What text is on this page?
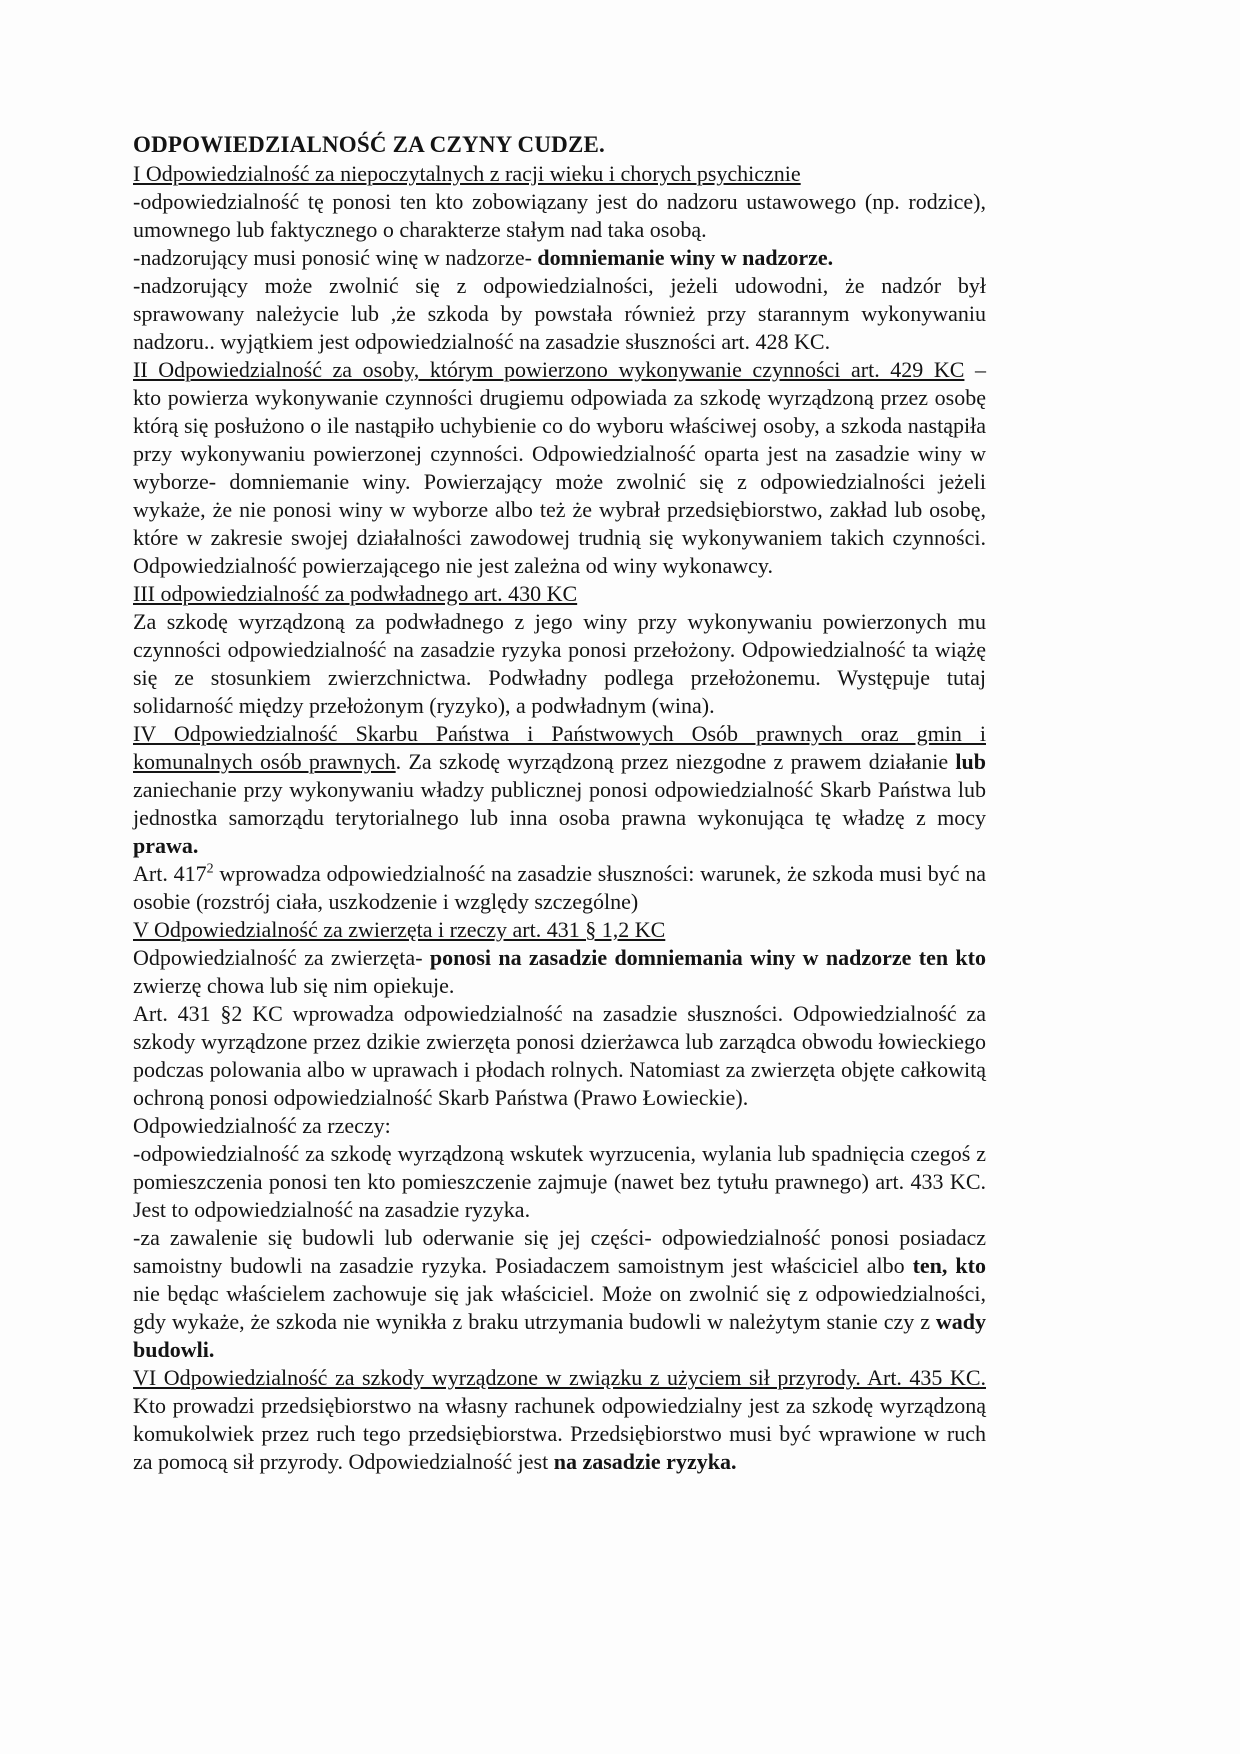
ODPOWIEDZIALNOŚĆ ZA CZYNY CUDZE.

I Odpowiedzialność za niepoczytalnych z racji wieku i chorych psychicznie

-odpowiedzialność tę ponosi ten kto zobowiązany jest do nadzoru ustawowego (np. rodzice), umownego lub faktycznego o charakterze stałym nad taka osobą.

-nadzorujący musi ponosić winę w nadzorze- domniemanie winy w nadzorze.

-nadzorujący może zwolnić się z odpowiedzialności, jeżeli udowodni, że nadzór był sprawowany należycie lub ,że szkoda by powstała również przy starannym wykonywaniu nadzoru.. wyjątkiem jest odpowiedzialność na zasadzie słuszności art. 428 KC.

II Odpowiedzialność za osoby, którym powierzono wykonywanie czynności art. 429 KC –

kto powierza wykonywanie czynności drugiemu odpowiada za szkodę wyrządzoną przez osobę którą się posłużono o ile nastąpiło uchybienie co do wyboru właściwej osoby, a szkoda nastąpiła przy wykonywaniu powierzonej czynności. Odpowiedzialność oparta jest na zasadzie winy w wyborze- domniemanie winy. Powierzający może zwolnić się z odpowiedzialności jeżeli wykaże, że nie ponosi winy w wyborze albo też że wybrał przedsiębiorstwo, zakład lub osobę, które w zakresie swojej działalności zawodowej trudnią się wykonywaniem takich czynności. Odpowiedzialność powierzającego nie jest zależna od winy wykonawcy.

III odpowiedzialność za podwładnego art. 430 KC

Za szkodę wyrządzoną za podwładnego z jego winy przy wykonywaniu powierzonych mu czynności odpowiedzialność na zasadzie ryzyka ponosi przełożony. Odpowiedzialność ta wiążę się ze stosunkiem zwierzchnictwa. Podwładny podlega przełożonemu. Występuje tutaj solidarność między przełożonym (ryzyko), a podwładnym (wina).

IV Odpowiedzialność Skarbu Państwa i Państwowych Osób prawnych oraz gmin i komunalnych osób prawnych. Za szkodę wyrządzoną przez niezgodne z prawem działanie lub zaniechanie przy wykonywaniu władzy publicznej ponosi odpowiedzialność Skarb Państwa lub jednostka samorządu terytorialnego lub inna osoba prawna wykonująca tę władzę z mocy prawa.

Art. $417^2$ wprowadza odpowiedzialność na zasadzie słuszności: warunek, że szkoda musi być na osobie (rozstrój ciała, uszkodzenie i względy szczególne)

V Odpowiedzialność za zwierzęta i rzeczy art. 431 § 1,2 KC

Odpowiedzialność za zwierzęta- ponosi na zasadzie domniemania winy w nadzorze ten kto zwierzę chowa lub się nim opiekuje.

Art. 431 §2 KC wprowadza odpowiedzialność na zasadzie słuszności. Odpowiedzialność za szkody wyrządzone przez dzikie zwierzęta ponosi dzierżawca lub zarządca obwodu łowieckiego podczas polowania albo w uprawach i płodach rolnych. Natomiast za zwierzęta objęte całkowitą ochroną ponosi odpowiedzialność Skarb Państwa (Prawo Łowieckie).

Odpowiedzialność za rzeczy:

-odpowiedzialność za szkodę wyrządzoną wskutek wyrzucenia, wylania lub spadnięcia czegoś z pomieszczenia ponosi ten kto pomieszczenie zajmuje (nawet bez tytułu prawnego) art. 433 KC. Jest to odpowiedzialność na zasadzie ryzyka.

-za zawalenie się budowli lub oderwanie się jej części- odpowiedzialność ponosi posiadacz samoistny budowli na zasadzie ryzyka. Posiadaczem samoistnym jest właściciel albo ten, kto nie będąc właścielem zachowuje się jak właściciel. Może on zwolnić się z odpowiedzialności, gdy wykaże, że szkoda nie wynikła z braku utrzymania budowli w należytym stanie czy z wady budowli.

VI Odpowiedzialność za szkody wyrządzone w związku z użyciem sił przyrody. Art. 435 KC.

Kto prowadzi przedsiębiorstwo na własny rachunek odpowiedzialny jest za szkodę wyrządzoną komukolwiek przez ruch tego przedsiębiorstwa. Przedsiębiorstwo musi być wprawione w ruch za pomocą sił przyrody. Odpowiedzialność jest na zasadzie ryzyka.
